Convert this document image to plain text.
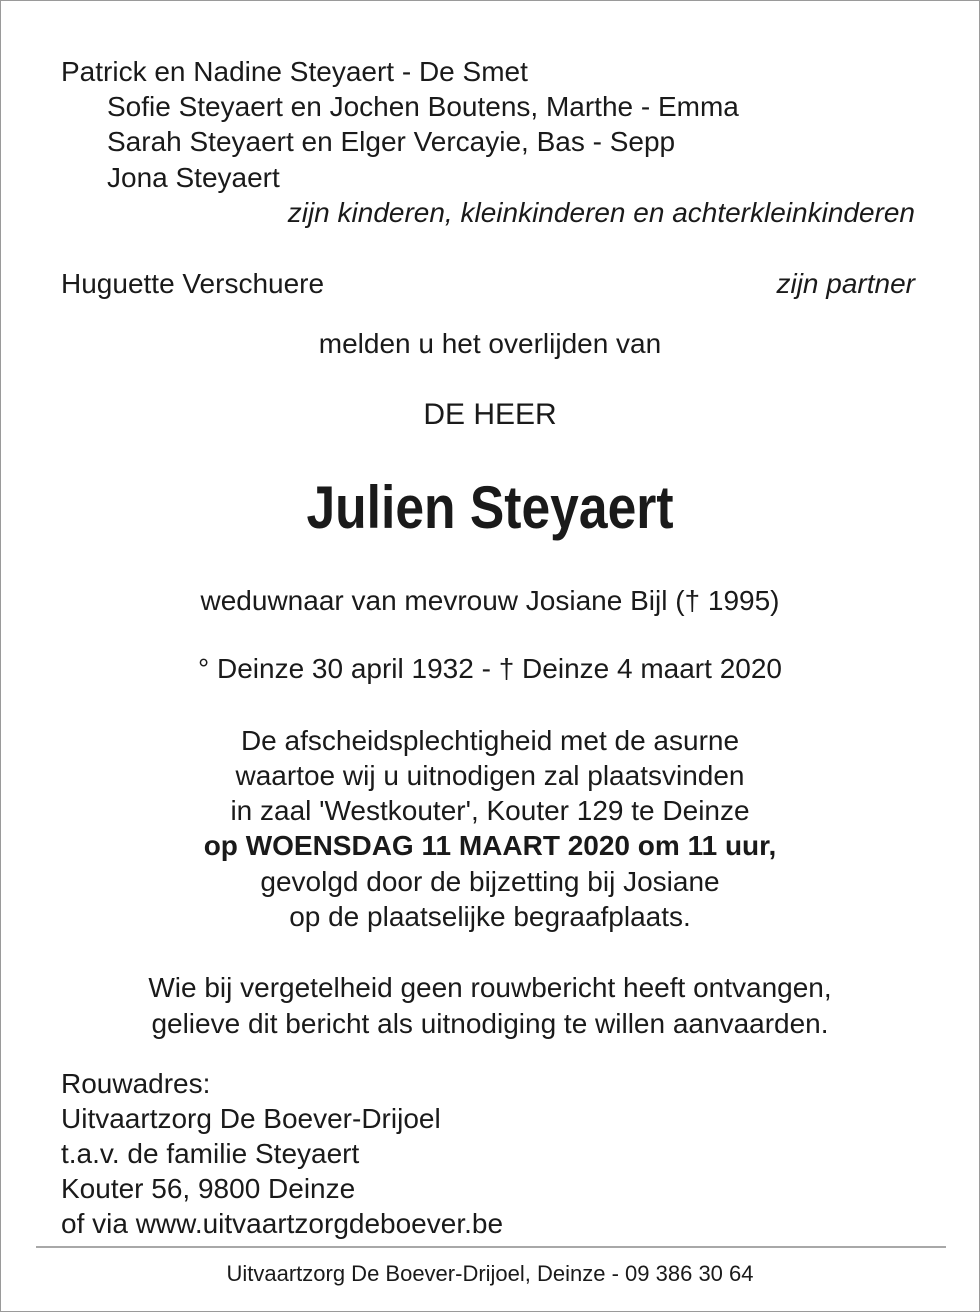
Patrick en Nadine Steyaert - De Smet
Sofie Steyaert en Jochen Boutens, Marthe - Emma
Sarah Steyaert en Elger Vercayie, Bas - Sepp
Jona Steyaert
zijn kinderen, kleinkinderen en achterkleinkinderen
Huguette Verschuere	zijn partner
melden u het overlijden van
DE HEER
Julien Steyaert
weduwnaar van mevrouw Josiane Bijl († 1995)
° Deinze 30 april 1932 - † Deinze 4 maart 2020
De afscheidsplechtigheid met de asurne
waartoe wij u uitnodigen zal plaatsvinden
in zaal 'Westkouter', Kouter 129 te Deinze
op WOENSDAG 11 MAART 2020 om 11 uur,
gevolgd door de bijzetting bij Josiane
op de plaatselijke begraafplaats.
Wie bij vergetelheid geen rouwbericht heeft ontvangen,
gelieve dit bericht als uitnodiging te willen aanvaarden.
Rouwadres:
Uitvaartzorg De Boever-Drijoel
t.a.v. de familie Steyaert
Kouter 56, 9800 Deinze
of via www.uitvaartzorgdeboever.be
Uitvaartzorg De Boever-Drijoel, Deinze - 09 386 30 64
